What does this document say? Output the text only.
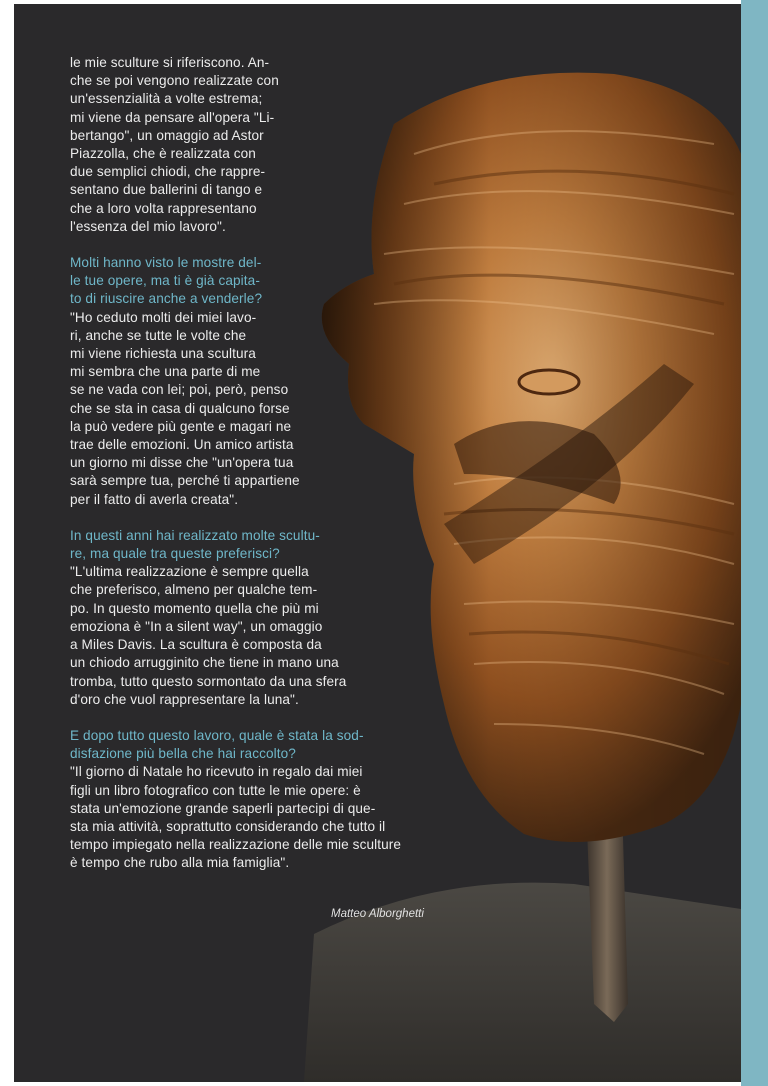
le mie sculture si riferiscono. An-
che se poi vengono realizzate con
un'essenzialità a volte estrema;
mi viene da pensare all'opera "Li-
bertango", un omaggio ad Astor
Piazzolla, che è realizzata con
due semplici chiodi, che rappre-
sentano due ballerini di tango e
che a loro volta rappresentano
l'essenza del mio lavoro".

Molti hanno visto le mostre del-
le tue opere, ma ti è già capita-
to di riuscire anche a venderle?

"Ho ceduto molti dei miei lavo-
ri, anche se tutte le volte che
mi viene richiesta una scultura
mi sembra che una parte di me
se ne vada con lei; poi, però, penso
che se sta in casa di qualcuno forse
la può vedere più gente e magari ne
trae delle emozioni. Un amico artista
un giorno mi disse che "un'opera tua
sarà sempre tua, perché ti appartiene
per il fatto di averla creata".

In questi anni hai realizzato molte scultu-
re, ma quale tra queste preferisci?

"L'ultima realizzazione è sempre quella
che preferisco, almeno per qualche tem-
po. In questo momento quella che più mi
emoziona è "In a silent way", un omaggio
a Miles Davis. La scultura è composta da
un chiodo arrugginito che tiene in mano una
tromba, tutto questo sormontato da una sfera
d'oro che vuol rappresentare la luna".

E dopo tutto questo lavoro, quale è stata la sod-
disfazione più bella che hai raccolto?

"Il giorno di Natale ho ricevuto in regalo dai miei
figli un libro fotografico con tutte le mie opere: è
stata un'emozione grande saperli partecipi di que-
sta mia attività, soprattutto considerando che tutto il
tempo impiegato nella realizzazione delle mie sculture
è tempo che rubo alla mia famiglia".

Matteo Alborghetti
